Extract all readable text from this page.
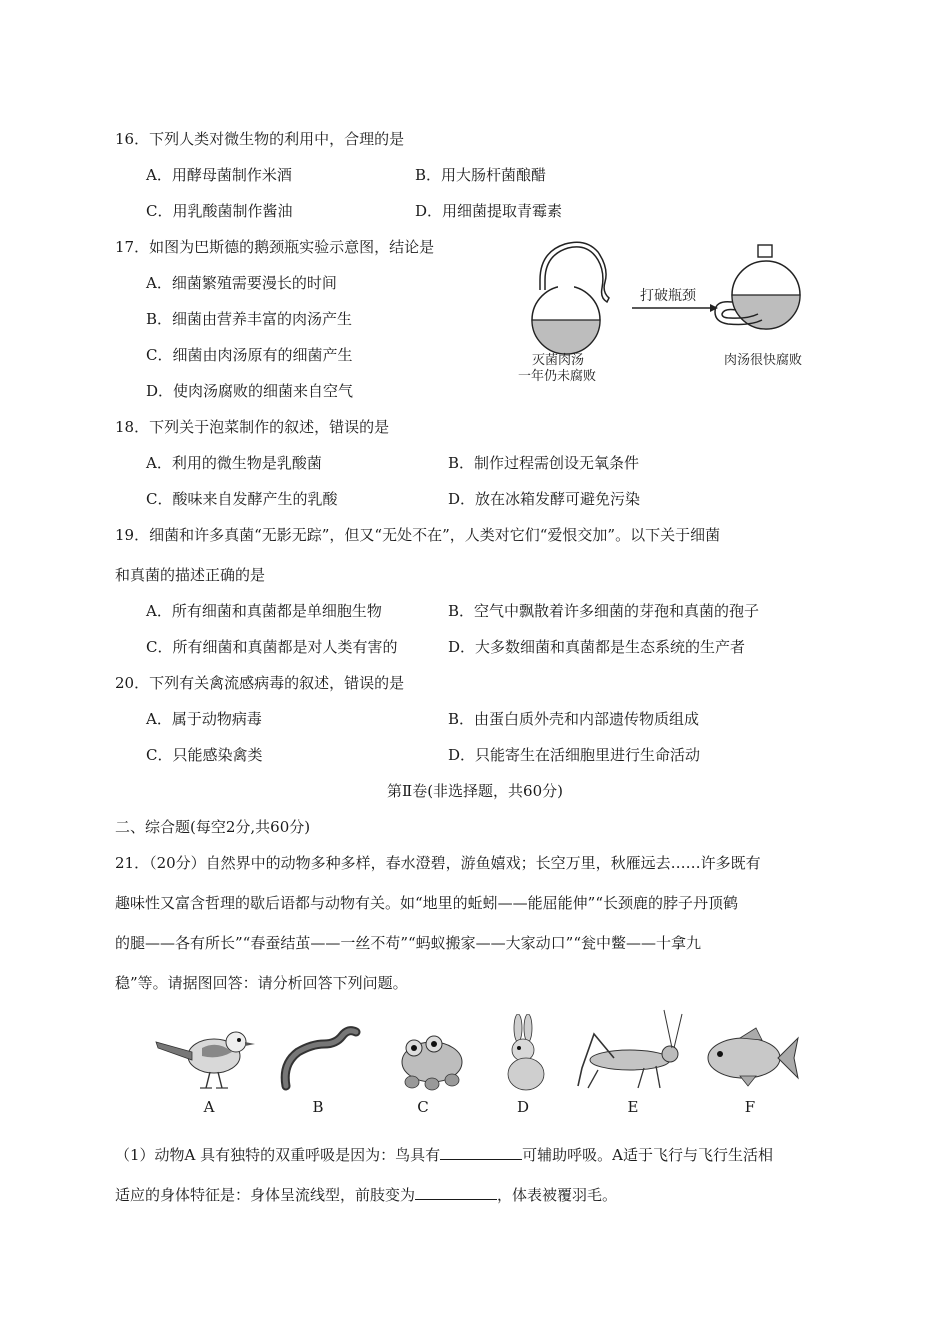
16．下列人类对微生物的利用中，合理的是
A．用酵母菌制作米酒	B．用大肠杆菌酿醋
C．用乳酸菌制作酱油	D．用细菌提取青霉素
17．如图为巴斯德的鹅颈瓶实验示意图，结论是
A．细菌繁殖需要漫长的时间
B．细菌由营养丰富的肉汤产生
C．细菌由肉汤原有的细菌产生
D．使肉汤腐败的细菌来自空气
打破瓶颈
灭菌肉汤
一年仍未腐败
肉汤很快腐败
18．下列关于泡菜制作的叙述，错误的是
A．利用的微生物是乳酸菌	B．制作过程需创设无氧条件
C．酸味来自发酵产生的乳酸	D．放在冰箱发酵可避免污染
19．细菌和许多真菌“无影无踪”，但又“无处不在”，人类对它们“爱恨交加”。以下关于细菌
和真菌的描述正确的是
A．所有细菌和真菌都是单细胞生物	B．空气中飘散着许多细菌的芽孢和真菌的孢子
C．所有细菌和真菌都是对人类有害的	D．大多数细菌和真菌都是生态系统的生产者
20．下列有关禽流感病毒的叙述，错误的是
A．属于动物病毒	B．由蛋白质外壳和内部遗传物质组成
C．只能感染禽类	D．只能寄生在活细胞里进行生命活动
第Ⅱ卷(非选择题，共60分)
二、综合题(每空2分,共60分)
21．（20分）自然界中的动物多种多样，春水澄碧，游鱼嬉戏；长空万里，秋雁远去……许多既有
趣味性又富含哲理的歇后语都与动物有关。如“地里的蚯蚓——能屈能伸”“长颈鹿的脖子丹顶鹤
的腿——各有所长”“春蚕结茧——一丝不苟”“蚂蚁搬家——大家动口”“瓮中鳖——十拿九
稳”等。请据图回答：请分析回答下列问题。
A	B	C	D	E	F
（1）动物A 具有独特的双重呼吸是因为：鸟具有	可辅助呼吸。A适于飞行与飞行生活相
适应的身体特征是：身体呈流线型，前肢变为	，体表被覆羽毛。
